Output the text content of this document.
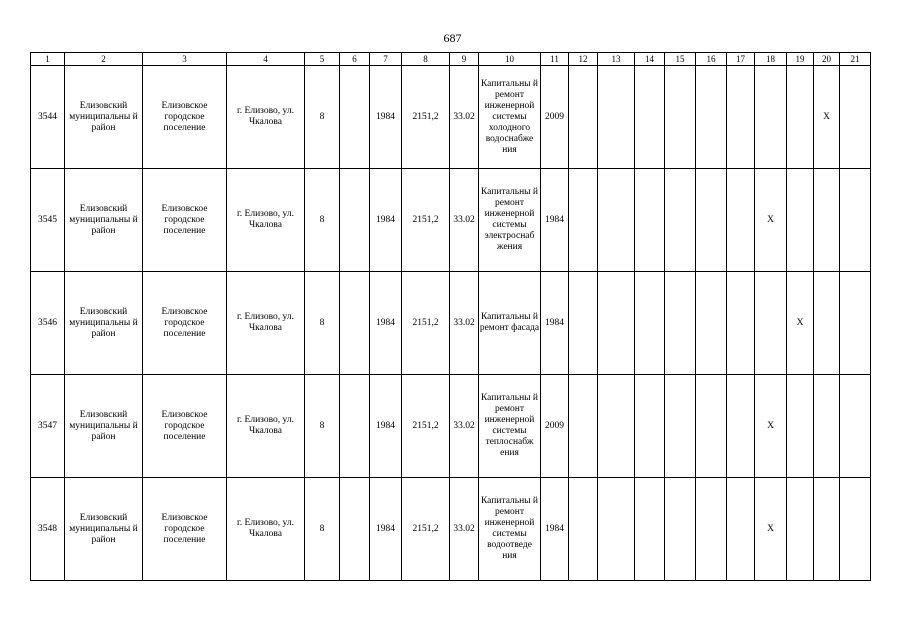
687
1	2	3	4	5	6	7	8	9	10	11	12	13	14	15	16	17	18	19	20	21
3544	Елизовский муниципальны й район	Елизовское городское поселение	г. Елизово, ул. Чкалова	8		1984	2151,2	33.02	Капитальны й ремонт инженерной системы холодного водоснабже ния	2009									X	
3545	Елизовский муниципальны й район	Елизовское городское поселение	г. Елизово, ул. Чкалова	8		1984	2151,2	33.02	Капитальны й ремонт инженерной системы электроснаб жения	1984							X			
3546	Елизовский муниципальны й район	Елизовское городское поселение	г. Елизово, ул. Чкалова	8		1984	2151,2	33.02	Капитальны й ремонт фасада	1984								X		
3547	Елизовский муниципальны й район	Елизовское городское поселение	г. Елизово, ул. Чкалова	8		1984	2151,2	33.02	Капитальны й ремонт инженерной системы теплоснабж ения	2009							X			
3548	Елизовский муниципальны й район	Елизовское городское поселение	г. Елизово, ул. Чкалова	8		1984	2151,2	33.02	Капитальны й ремонт инженерной системы водоотведе ния	1984							X			
